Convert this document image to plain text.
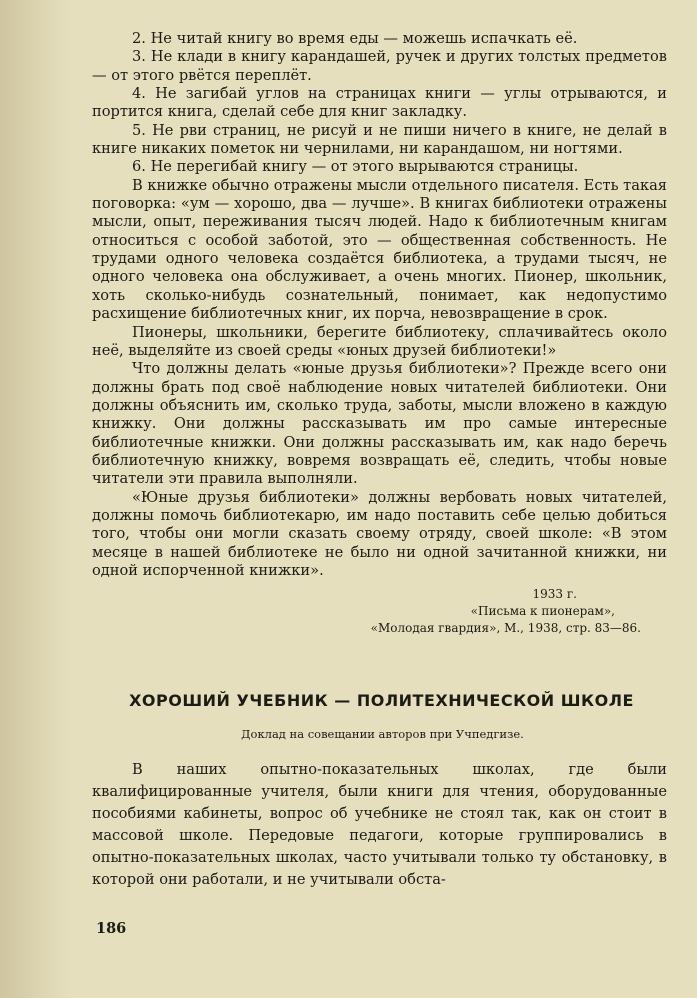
2. Не читай книгу во время еды — можешь испачкать её.

3. Не клади в книгу карандашей, ручек и других толстых предметов — от этого рвётся переплёт.

4. Не загибай углов на страницах книги — углы отрываются, и портится книга, сделай себе для книг закладку.

5. Не рви страниц, не рисуй и не пиши ничего в книге, не делай в книге никаких пометок ни чернилами, ни карандашом, ни ногтями.

6. Не перегибай книгу — от этого вырываются страницы.

В книжке обычно отражены мысли отдельного писателя. Есть такая поговорка: «ум — хорошо, два — лучше». В книгах библиотеки отражены мысли, опыт, переживания тысяч людей. Надо к библиотечным книгам относиться с особой заботой, это — общественная собственность. Не трудами одного человека создаётся библиотека, а трудами тысяч, не одного человека она обслуживает, а очень многих. Пионер, школьник, хоть сколько-нибудь сознательный, понимает, как недопустимо расхищение библиотечных книг, их порча, невозвращение в срок.

Пионеры, школьники, берегите библиотеку, сплачивайтесь около неё, выделяйте из своей среды «юных друзей библиотеки!»

Что должны делать «юные друзья библиотеки»? Прежде всего они должны брать под своё наблюдение новых читателей библиотеки. Они должны объяснить им, сколько труда, заботы, мысли вложено в каждую книжку. Они должны рассказывать им про самые интересные библиотечные книжки. Они должны рассказывать им, как надо беречь библиотечную книжку, вовремя возвращать её, следить, чтобы новые читатели эти правила выполняли.

«Юные друзья библиотеки» должны вербовать новых читателей, должны помочь библиотекарю, им надо поставить себе целью добиться того, чтобы они могли сказать своему отряду, своей школе: «В этом месяце в нашей библиотеке не было ни одной зачитанной книжки, ни одной испорченной книжки».

1933 г.
«Письма к пионерам»,
«Молодая гвардия», М., 1938, стр. 83—86.
ХОРОШИЙ УЧЕБНИК — ПОЛИТЕХНИЧЕСКОЙ ШКОЛЕ
Доклад на совещании авторов при Учпедгизе.

В наших опытно-показательных школах, где были квалифицированные учителя, были книги для чтения, оборудованные пособиями кабинеты, вопрос об учебнике не стоял так, как он стоит в массовой школе. Передовые педагоги, которые группировались в опытно-показательных школах, часто учитывали только ту обстановку, в которой они работали, и не учитывали обста-

186
